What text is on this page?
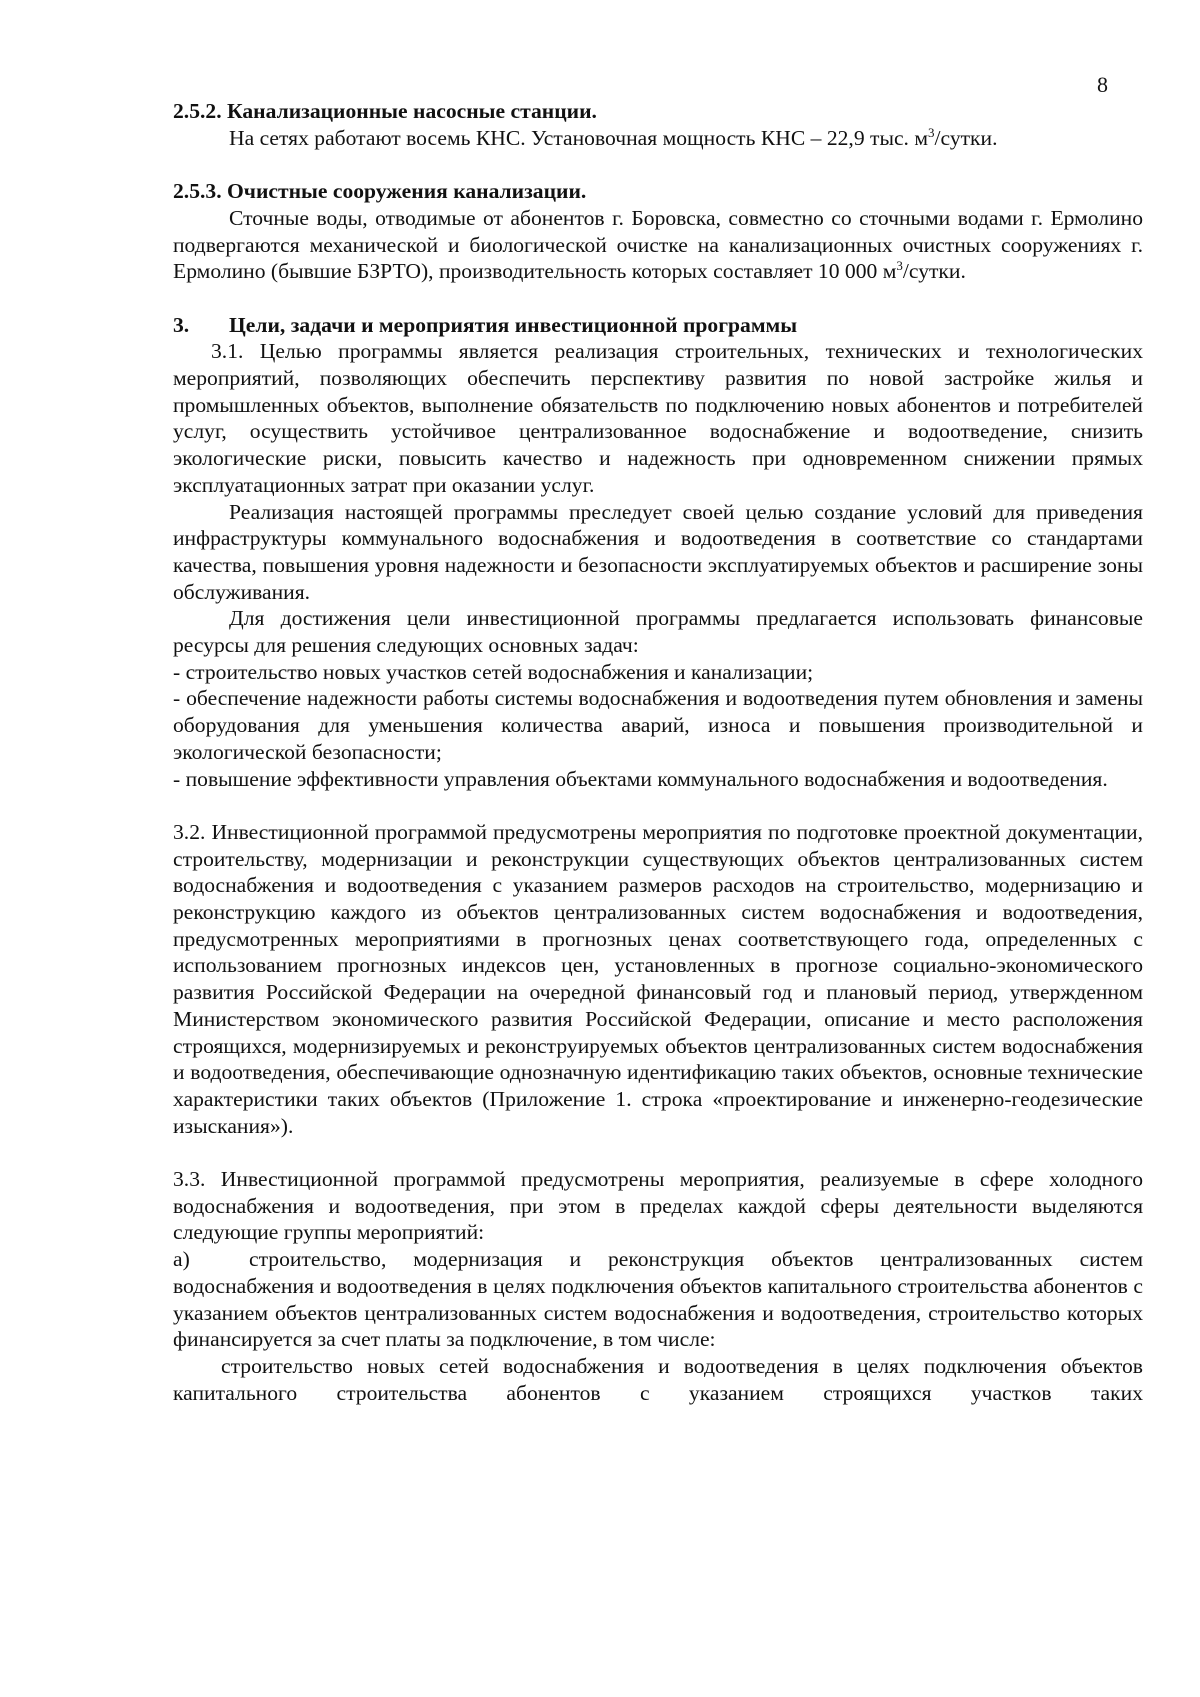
8

2.5.2. Канализационные насосные станции.

На сетях работают восемь КНС. Установочная мощность КНС – 22,9 тыс. $м^3$/сутки.

2.5.3. Очистные сооружения канализации.

Сточные воды, отводимые от абонентов г. Боровска, совместно со сточными водами г. Ермолино подвергаются механической и биологической очистке на канализационных очистных сооружениях г. Ермолино (бывшие БЗРТО), производительность которых составляет 10 000 $м^3$/сутки.

3. Цели, задачи и мероприятия инвестиционной программы

3.1. Целью программы является реализация строительных, технических и технологических мероприятий, позволяющих обеспечить перспективу развития по новой застройке жилья и промышленных объектов, выполнение обязательств по подключению новых абонентов и потребителей услуг, осуществить устойчивое централизованное водоснабжение и водоотведение, снизить экологические риски, повысить качество и надежность при одновременном снижении прямых эксплуатационных затрат при оказании услуг.

Реализация настоящей программы преследует своей целью создание условий для приведения инфраструктуры коммунального водоснабжения и водоотведения в соответствие со стандартами качества, повышения уровня надежности и безопасности эксплуатируемых объектов и расширение зоны обслуживания.

Для достижения цели инвестиционной программы предлагается использовать финансовые ресурсы для решения следующих основных задач:

- строительство новых участков сетей водоснабжения и канализации;

- обеспечение надежности работы системы водоснабжения и водоотведения путем обновления и замены оборудования для уменьшения количества аварий, износа и повышения производительной и экологической безопасности;

- повышение эффективности управления объектами коммунального водоснабжения и водоотведения.

3.2. Инвестиционной программой предусмотрены мероприятия по подготовке проектной документации, строительству, модернизации и реконструкции существующих объектов централизованных систем водоснабжения и водоотведения с указанием размеров расходов на строительство, модернизацию и реконструкцию каждого из объектов централизованных систем водоснабжения и водоотведения, предусмотренных мероприятиями в прогнозных ценах соответствующего года, определенных с использованием прогнозных индексов цен, установленных в прогнозе социально-экономического развития Российской Федерации на очередной финансовый год и плановый период, утвержденном Министерством экономического развития Российской Федерации, описание и место расположения строящихся, модернизируемых и реконструируемых объектов централизованных систем водоснабжения и водоотведения, обеспечивающие однозначную идентификацию таких объектов, основные технические характеристики таких объектов (Приложение 1. строка «проектирование и инженерно-геодезические изыскания»).

3.3. Инвестиционной программой предусмотрены мероприятия, реализуемые в сфере холодного водоснабжения и водоотведения, при этом в пределах каждой сферы деятельности выделяются следующие группы мероприятий:

а)	строительство, модернизация и реконструкция объектов централизованных систем водоснабжения и водоотведения в целях подключения объектов капитального строительства абонентов с указанием объектов централизованных систем водоснабжения и водоотведения, строительство которых финансируется за счет платы за подключение, в том числе:

строительство новых сетей водоснабжения и водоотведения в целях подключения объектов капитального строительства абонентов с указанием строящихся участков таких
